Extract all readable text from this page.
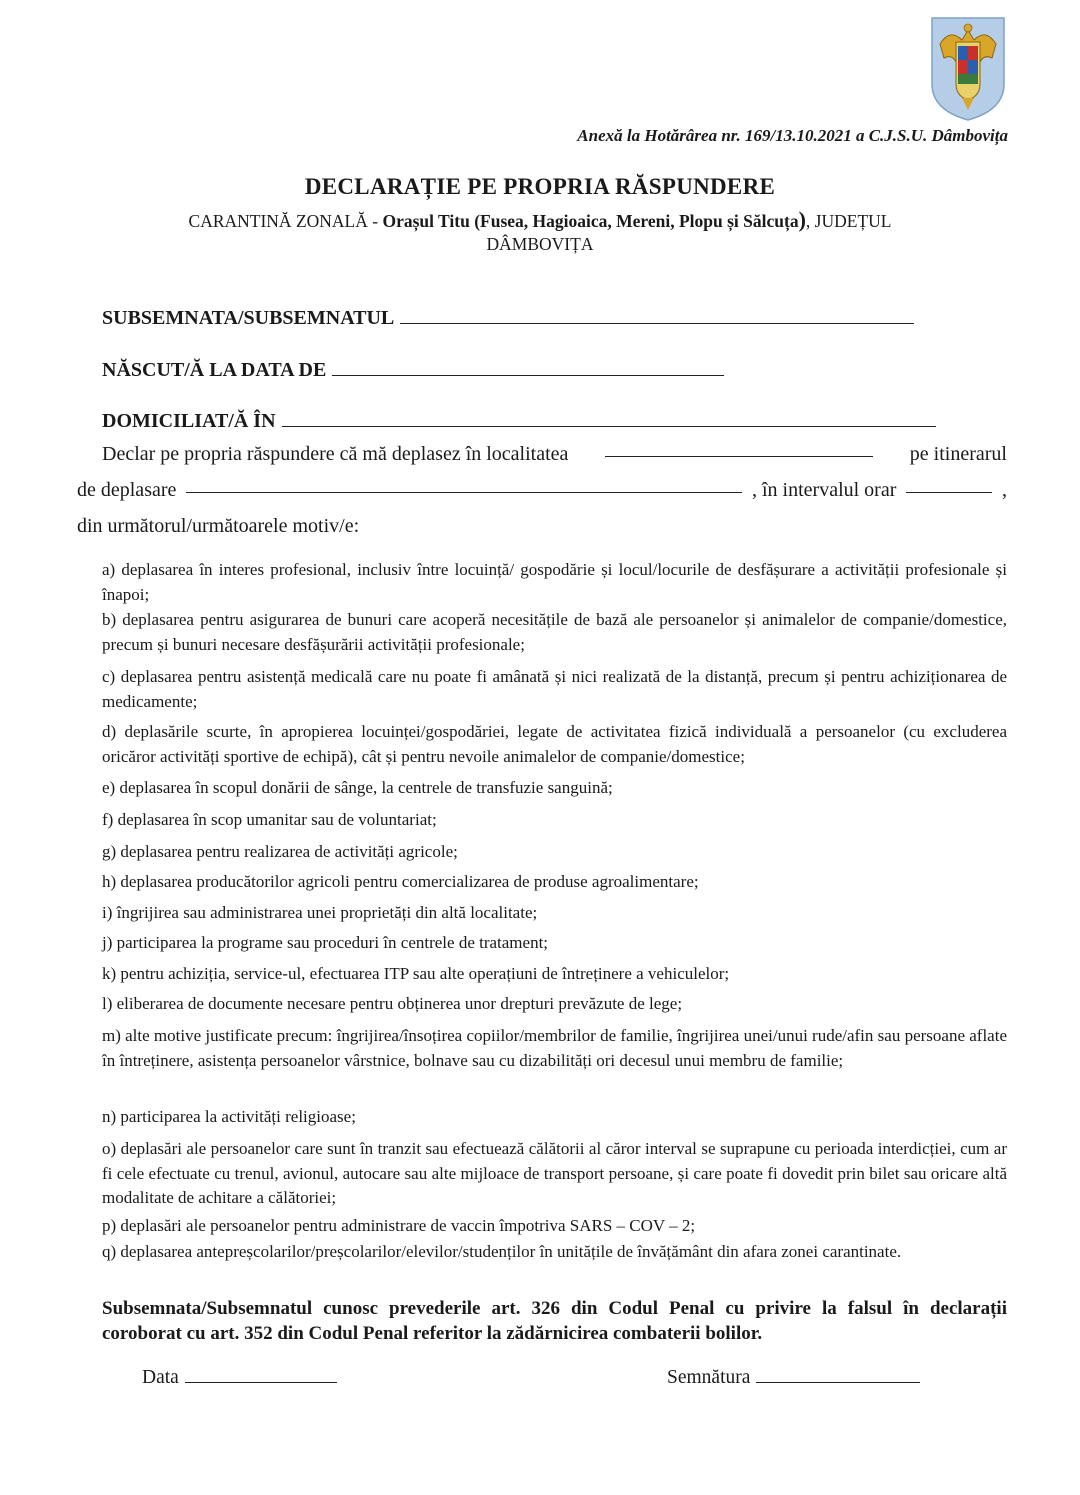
Anexă la Hotărârea nr. 169/13.10.2021 a C.J.S.U. Dâmbovița
DECLARAȚIE PE PROPRIA RĂSPUNDERE
CARANTINĂ ZONALĂ - Orașul Titu (Fusea, Hagioaica, Mereni, Plopu și Sălcuța), JUDEȚUL
DÂMBOVIȚA
SUBSEMNATA/SUBSEMNATUL
NĂSCUT/Ă LA DATA DE
DOMICILIAT/Ă ÎN
Declar pe propria răspundere că mă deplasez în localitatea	pe itinerarul
de deplasare	, în intervalul orar	,
din următorul/următoarele motiv/e:
a) deplasarea în interes profesional, inclusiv între locuință/ gospodărie și locul/locurile de desfășurare a activității profesionale și înapoi;
b) deplasarea pentru asigurarea de bunuri care acoperă necesitățile de bază ale persoanelor și animalelor de companie/domestice, precum și bunuri necesare desfășurării activității profesionale;
c) deplasarea pentru asistență medicală care nu poate fi amânată și nici realizată de la distanță, precum și pentru achiziționarea de medicamente;
d) deplasările scurte, în apropierea locuinței/gospodăriei, legate de activitatea fizică individuală a persoanelor (cu excluderea oricăror activități sportive de echipă), cât și pentru nevoile animalelor de companie/domestice;
e) deplasarea în scopul donării de sânge, la centrele de transfuzie sanguină;
f) deplasarea în scop umanitar sau de voluntariat;
g) deplasarea pentru realizarea de activități agricole;
h) deplasarea producătorilor agricoli pentru comercializarea de produse agroalimentare;
i) îngrijirea sau administrarea unei proprietăți din altă localitate;
j) participarea la programe sau proceduri în centrele de tratament;
k) pentru achiziția, service-ul, efectuarea ITP sau alte operațiuni de întreținere a vehiculelor;
l) eliberarea de documente necesare pentru obținerea unor drepturi prevăzute de lege;
m) alte motive justificate precum: îngrijirea/însoțirea copiilor/membrilor de familie, îngrijirea unei/unui rude/afin sau persoane aflate în întreținere, asistența persoanelor vârstnice, bolnave sau cu dizabilități ori decesul unui membru de familie;
n) participarea la activități religioase;
o) deplasări ale persoanelor care sunt în tranzit sau efectuează călătorii al căror interval se suprapune cu perioada interdicției, cum ar fi cele efectuate cu trenul, avionul, autocare sau alte mijloace de transport persoane, și care poate fi dovedit prin bilet sau oricare altă modalitate de achitare a călătoriei;
p) deplasări ale persoanelor pentru administrare de vaccin împotriva SARS – COV – 2;
q) deplasarea antepreșcolarilor/preșcolarilor/elevilor/studenților în unitățile de învățământ din afara zonei carantinate.
Subsemnata/Subsemnatul cunosc prevederile art. 326 din Codul Penal cu privire la falsul în declarații coroborat cu art. 352 din Codul Penal referitor la zădărnicirea combaterii bolilor.
Data	Semnătura
